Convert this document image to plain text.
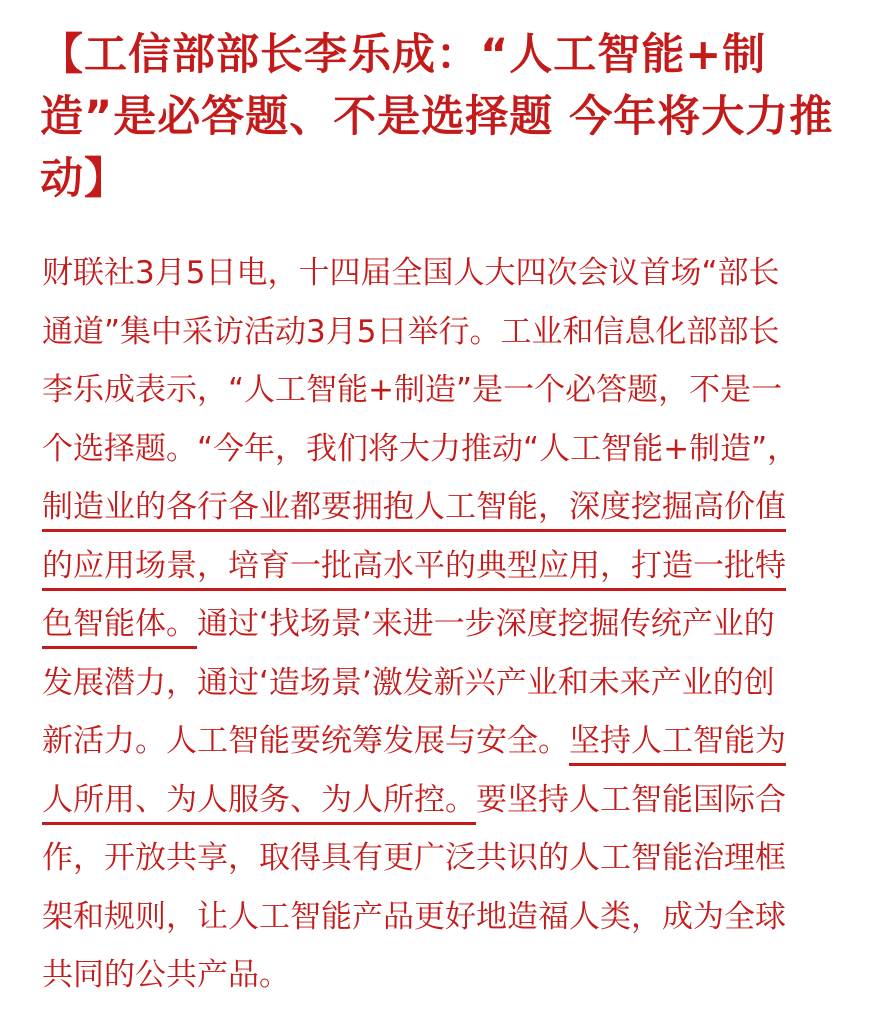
【工信部部长李乐成：“人工智能+制造”是必答题、不是选择题 今年将大力推动】
财联社3月5日电，十四届全国人大四次会议首场“部长
通道”集中采访活动3月5日举行。工业和信息化部部长
李乐成表示，“人工智能+制造”是一个必答题，不是一
个选择题。“今年，我们将大力推动“人工智能+制造”，
制造业的各行各业都要拥抱人工智能，深度挖掘高价值
的应用场景，培育一批高水平的典型应用，打造一批特
色智能体。通过‘找场景’来进一步深度挖掘传统产业的
发展潜力，通过‘造场景’激发新兴产业和未来产业的创
新活力。人工智能要统筹发展与安全。坚持人工智能为
人所用、为人服务、为人所控。要坚持人工智能国际合
作，开放共享，取得具有更广泛共识的人工智能治理框
架和规则，让人工智能产品更好地造福人类，成为全球
共同的公共产品。
